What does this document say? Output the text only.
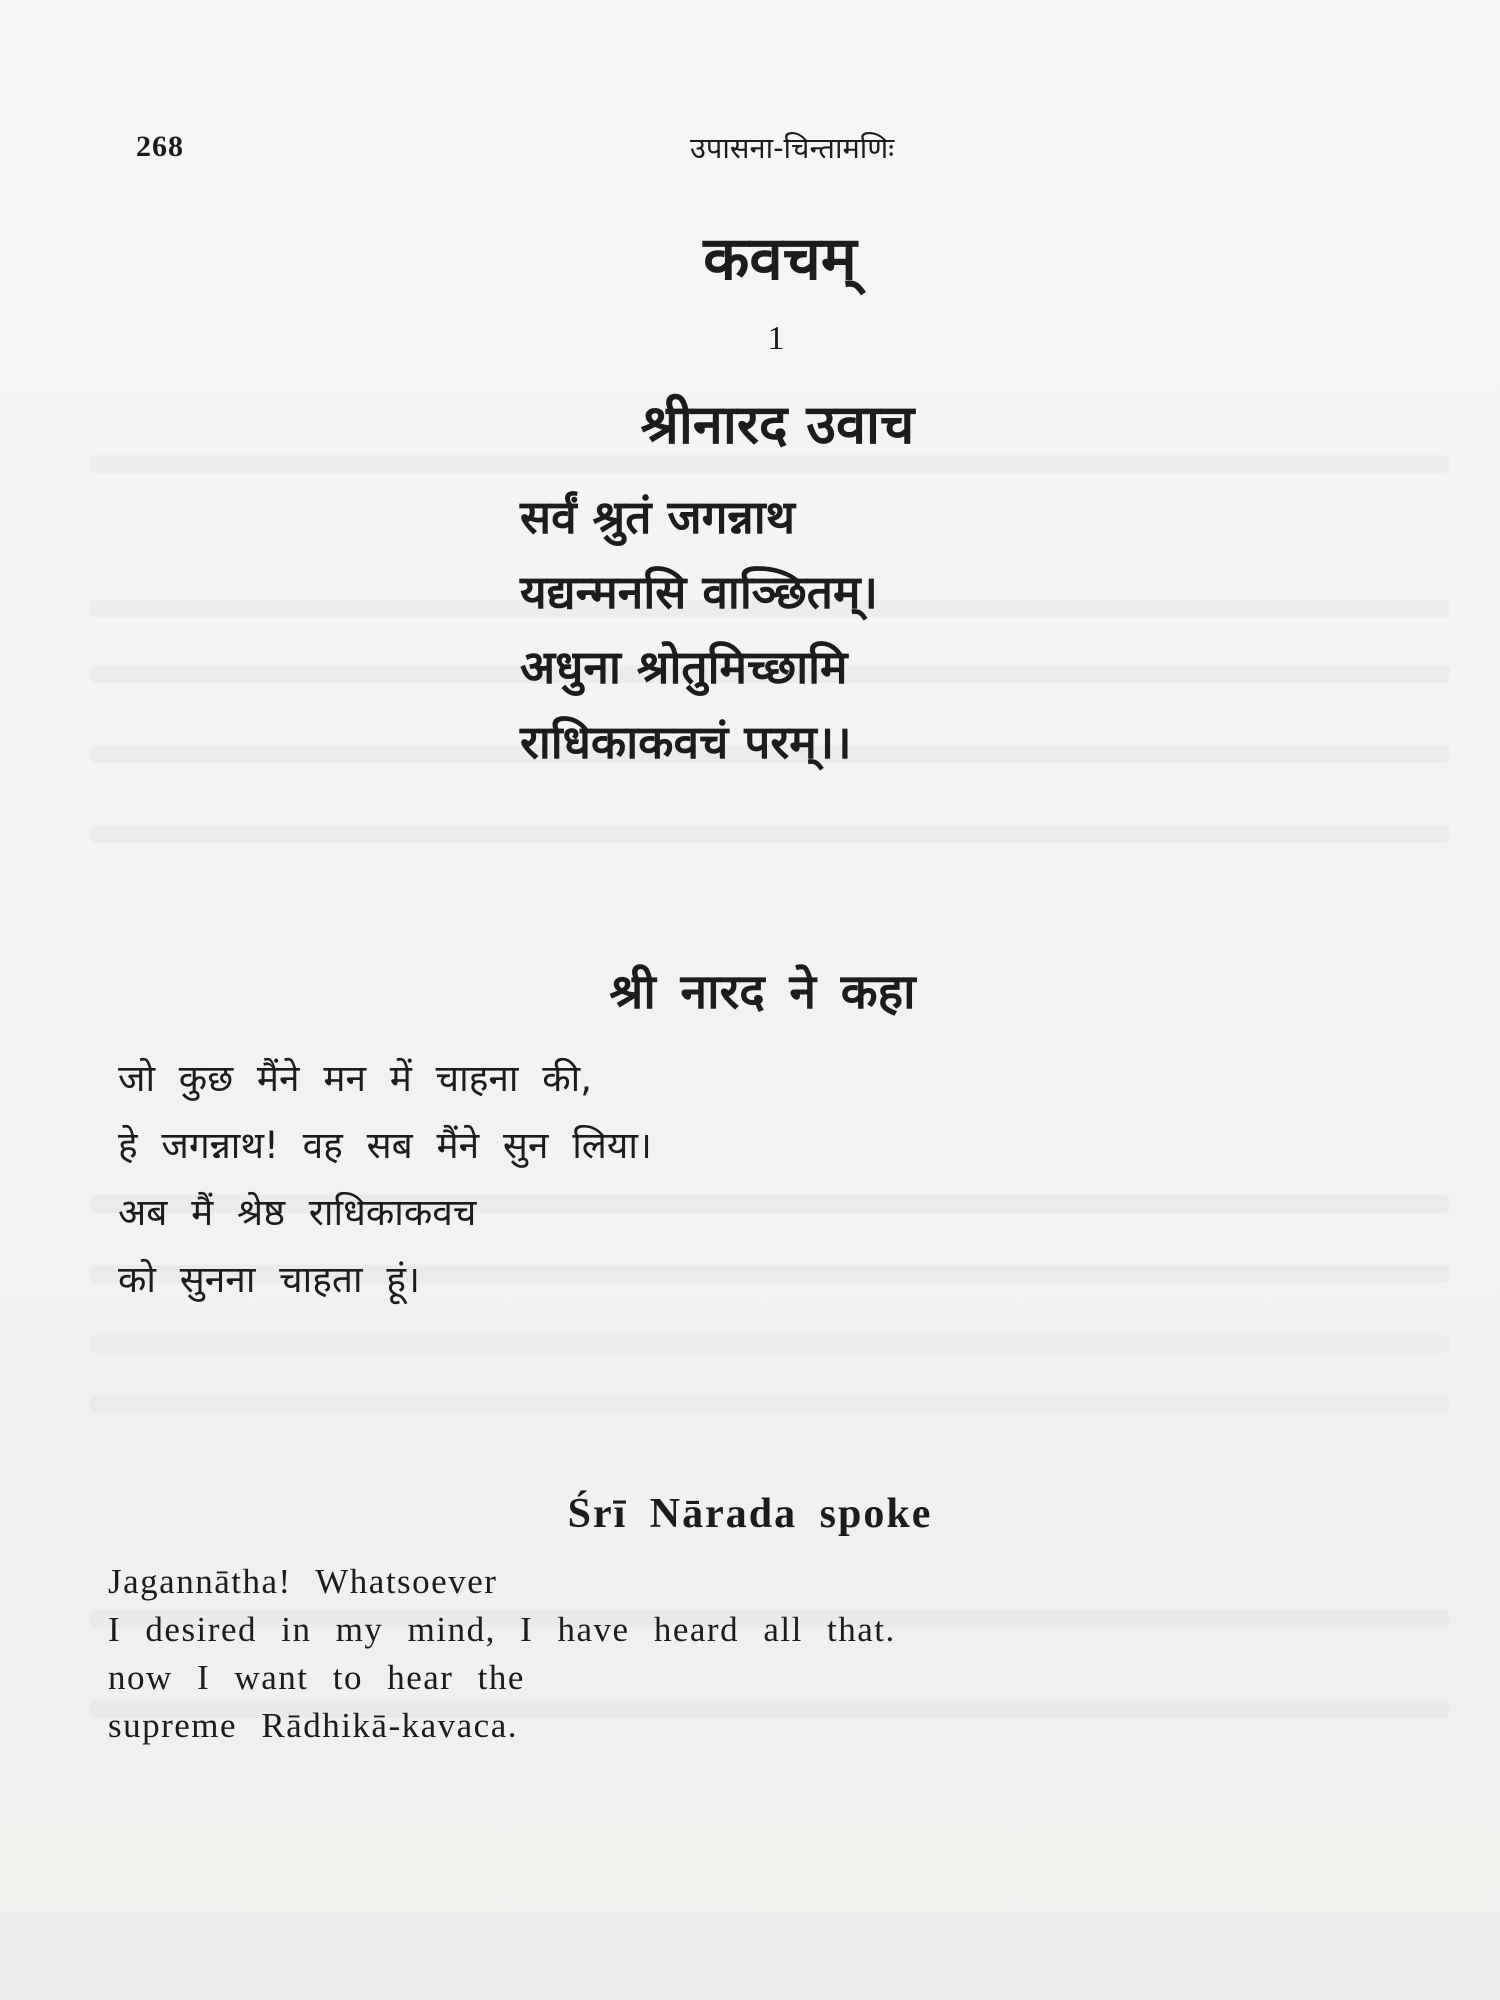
268	उपासना-चिन्तामणिः
कवचम्
1
श्रीनारद उवाच
सर्वं श्रुतं जगन्नाथ
यद्यन्मनसि वाञ्छितम्।
अधुना श्रोतुमिच्छामि
राधिकाकवचं परम्।।
श्री नारद ने कहा
जो कुछ मैंने मन में चाहना की,
हे जगन्नाथ! वह सब मैंने सुन लिया।
अब मैं श्रेष्ठ राधिकाकवच
को सुनना चाहता हूं।
Śrī Nārada spoke
Jagannātha! Whatsoever
I desired in my mind, I have heard all that.
now I want to hear the
supreme Rādhikā-kavaca.
